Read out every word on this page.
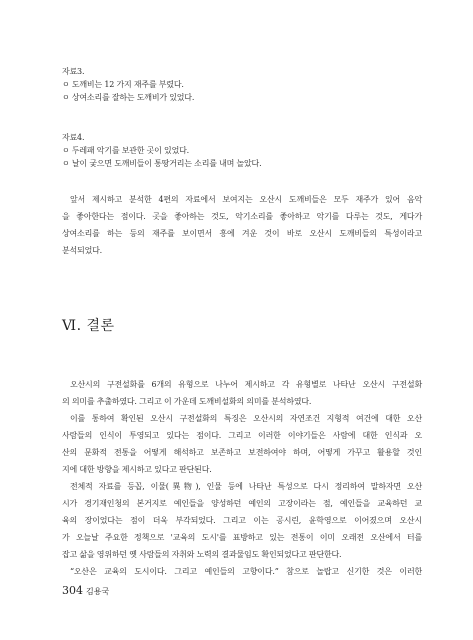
자료3.
ㅇ 도깨비는 12 가지 재주를 부렸다.
ㅇ 상여소리를 잘하는 도깨비가 있었다.
자료4.
ㅇ 두레패 악기를 보관한 곳이 있었다.
ㅇ 날이 궂으면 도깨비들이 통땅거리는 소리를 내며 놀았다.
앞서 제시하고 분석한 4편의 자료에서 보여지는 오산시 도깨비들은 모두 재주가 있어 음악
을 좋아한다는 점이다. 곳을 좋아하는 것도, 악기소리를 좋아하고 악기를 다루는 것도, 게다가
상여소리를 하는 등의 재주를 보이면서 흥에 겨운 것이 바로 오산시 도깨비들의 특성이라고
분석되었다.
Ⅵ. 결론
오산시의 구전설화를 6개의 유형으로 나누어 제시하고 각 유형별로 나타난 오산시 구전설화
의 의미를 추출하였다. 그리고 이 가운데 도깨비설화의 의미를 분석하였다.
이를 통하여 확인된 오산시 구전설화의 특징은 오산시의 자연조건 지형적 여건에 대한 오산
사람들의 인식이 투영되고 있다는 점이다. 그리고 이러한 이야기들은 사람에 대한 인식과 오
산의 문화적 전통을 어떻게 해석하고 보존하고 보전하여야 하며, 어떻게 가꾸고 활용할 것인
지에 대한 방향을 제시하고 있다고 판단된다.
전체적 자료를 등꼽, 이물(異物), 인물 등에 나타난 특성으로 다시 정리하여 말하자면 오산
시가 경기재인청의 본거지로 예인들을 양성하던 예인의 고장이라는 점, 예인들을 교육하던 교
육의 장이었다는 점이 더욱 부각되었다. 그리고 이는 공시린, 윤학영으로 이어졌으며 오산시
가 오늘날 주요한 정책으로 '교육의 도시'를 표방하고 있는 전통이 이미 오래전 오산에서 터를
잡고 삶을 영위하던 옛 사람들의 자취와 노력의 결과물임도 확인되었다고 판단한다.
“오산은 교육의 도시이다. 그리고 예인들의 고향이다.” 참으로 놀랍고 신기한 것은 이러한
304 김용국
